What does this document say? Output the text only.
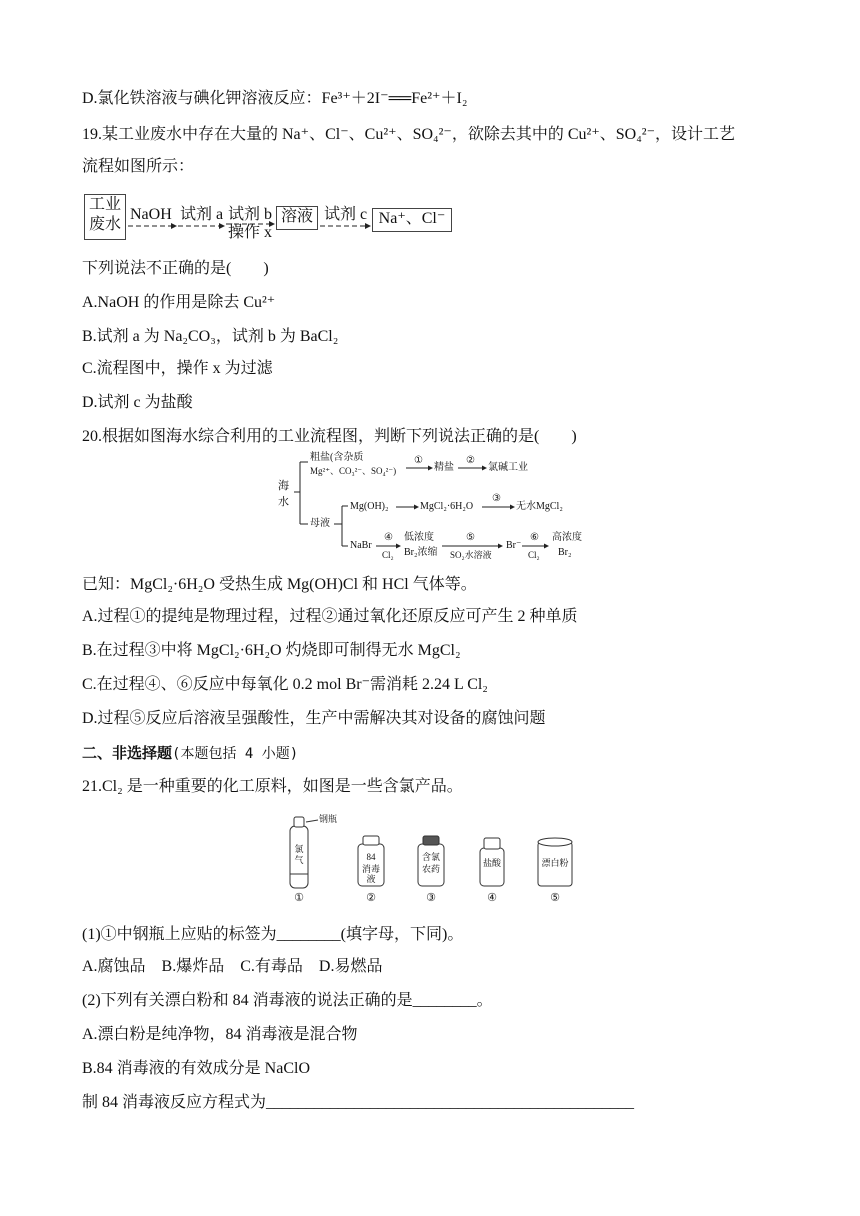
D.氯化铁溶液与碘化钾溶液反应：Fe³⁺＋2I⁻══Fe²⁺＋I₂
19.某工业废水中存在大量的 Na⁺、Cl⁻、Cu²⁺、SO₄²⁻，欲除去其中的 Cu²⁺、SO₄²⁻，设计工艺
流程如图所示：
工业
废水
NaOH 试剂 a 试剂 b
操作 x
溶液 试剂 c Na⁺、Cl⁻
下列说法不正确的是(　　)
A.NaOH 的作用是除去 Cu²⁺
B.试剂 a 为 Na₂CO₃，试剂 b 为 BaCl₂
C.流程图中，操作 x 为过滤
D.试剂 c 为盐酸
20.根据如图海水综合利用的工业流程图，判断下列说法正确的是(　　)
海
水
粗盐(含杂质
Mg²⁺、CO₃²⁻、SO₄²⁻)
①
精盐
②
氯碱工业
母液
Mg(OH)₂	MgCl₂·6H₂O
③
无水MgCl₂
NaBr
④
Cl₂
低浓度
Br₂浓缩
⑤
SO₂水溶液
Br⁻
⑥
Cl₂
高浓度
Br₂
已知：MgCl₂·6H₂O 受热生成 Mg(OH)Cl 和 HCl 气体等。
A.过程①的提纯是物理过程，过程②通过氧化还原反应可产生 2 种单质
B.在过程③中将 MgCl₂·6H₂O 灼烧即可制得无水 MgCl₂
C.在过程④、⑥反应中每氧化 0.2 mol Br⁻需消耗 2.24 L Cl₂
D.过程⑤反应后溶液呈强酸性，生产中需解决其对设备的腐蚀问题
二、非选择题(本题包括 4 小题)
21.Cl₂ 是一种重要的化工原料，如图是一些含氯产品。
钢瓶
氯气	84
消毒液
含氯
农药
盐酸	漂白粉
①	②	③	④	⑤
(1)①中钢瓶上应贴的标签为________(填字母，下同)。
A.腐蚀品　B.爆炸品　C.有毒品　D.易燃品
(2)下列有关漂白粉和 84 消毒液的说法正确的是________。
A.漂白粉是纯净物，84 消毒液是混合物
B.84 消毒液的有效成分是 NaClO
制 84 消毒液反应方程式为______________________________________________
